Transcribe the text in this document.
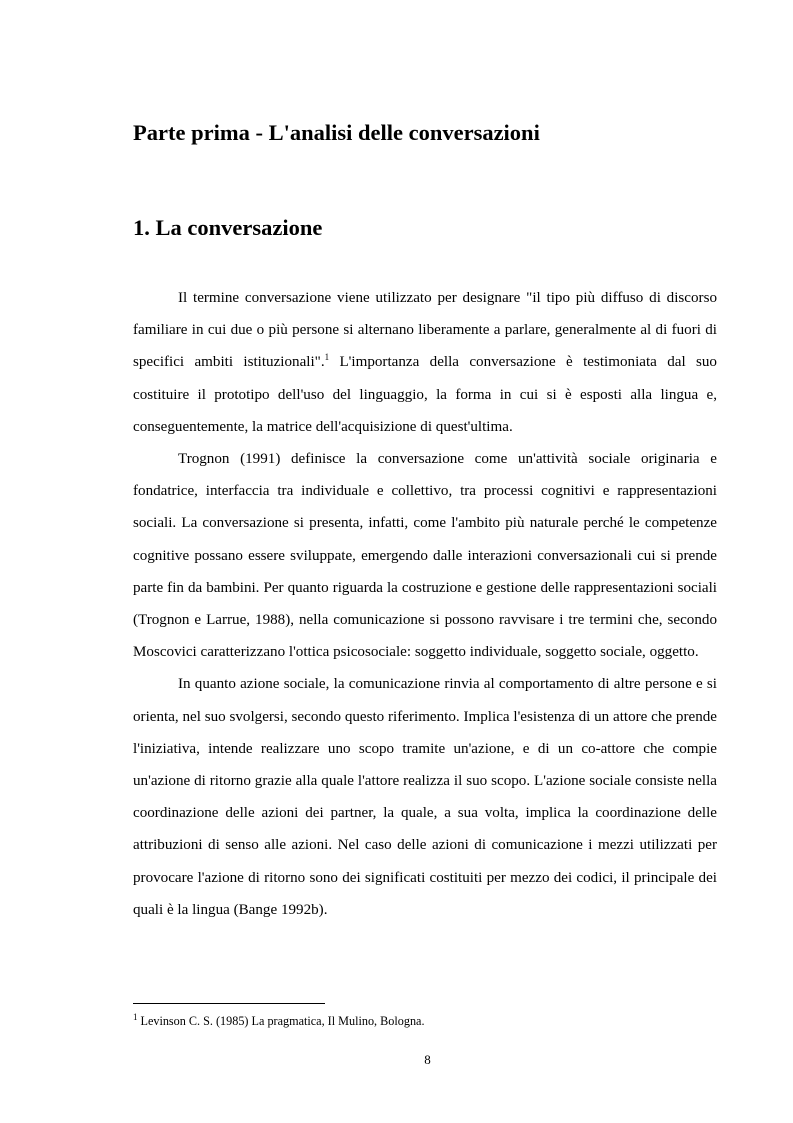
Parte prima - L'analisi delle conversazioni
1. La conversazione

Il termine conversazione viene utilizzato per designare "il tipo più diffuso di discorso familiare in cui due o più persone si alternano liberamente a parlare, generalmente al di fuori di specifici ambiti istituzionali".$^1$ L'importanza della conversazione è testimoniata dal suo costituire il prototipo dell'uso del linguaggio, la forma in cui si è esposti alla lingua e, conseguentemente, la matrice dell'acquisizione di quest'ultima.

Trognon (1991) definisce la conversazione come un'attività sociale originaria e fondatrice, interfaccia tra individuale e collettivo, tra processi cognitivi e rappresentazioni sociali. La conversazione si presenta, infatti, come l'ambito più naturale perché le competenze cognitive possano essere sviluppate, emergendo dalle interazioni conversazionali cui si prende parte fin da bambini. Per quanto riguarda la costruzione e gestione delle rappresentazioni sociali (Trognon e Larrue, 1988), nella comunicazione si possono ravvisare i tre termini che, secondo Moscovici caratterizzano l'ottica psicosociale: soggetto individuale, soggetto sociale, oggetto.

In quanto azione sociale, la comunicazione rinvia al comportamento di altre persone e si orienta, nel suo svolgersi, secondo questo riferimento. Implica l'esistenza di un attore che prende l'iniziativa, intende realizzare uno scopo tramite un'azione, e di un co-attore che compie un'azione di ritorno grazie alla quale l'attore realizza il suo scopo. L'azione sociale consiste nella coordinazione delle azioni dei partner, la quale, a sua volta, implica la coordinazione delle attribuzioni di senso alle azioni. Nel caso delle azioni di comunicazione i mezzi utilizzati per provocare l'azione di ritorno sono dei significati costituiti per mezzo dei codici, il principale dei quali è la lingua (Bange 1992b).

$^1$ Levinson C. S. (1985) La pragmatica, Il Mulino, Bologna.

8
